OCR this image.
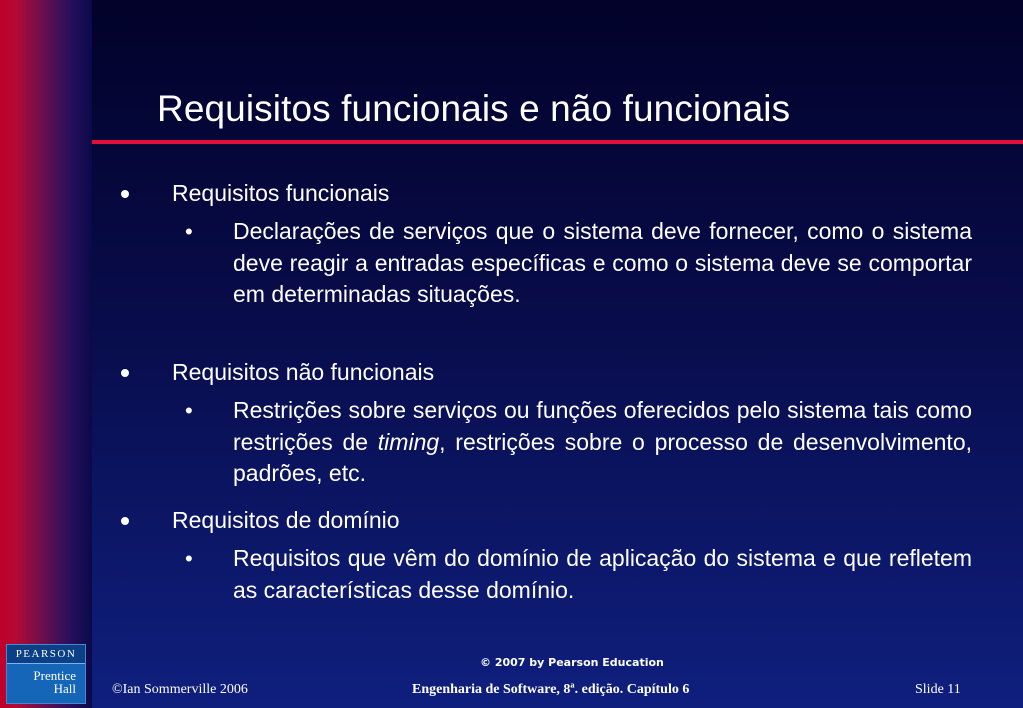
Requisitos funcionais e não funcionais
Requisitos funcionais
• Declarações de serviços que o sistema deve fornecer, como o sistema deve reagir a entradas específicas e como o sistema deve se comportar em determinadas situações.
Requisitos não funcionais
• Restrições sobre serviços ou funções oferecidos pelo sistema tais como restrições de timing, restrições sobre o processo de desenvolvimento, padrões, etc.
Requisitos de domínio
• Requisitos que vêm do domínio de aplicação do sistema e que refletem as características desse domínio.
PEARSON
Prentice
Hall
© 2007 by Pearson Education
©Ian Sommerville 2006	Engenharia de Software, 8ª. edição. Capítulo 6	Slide 11
